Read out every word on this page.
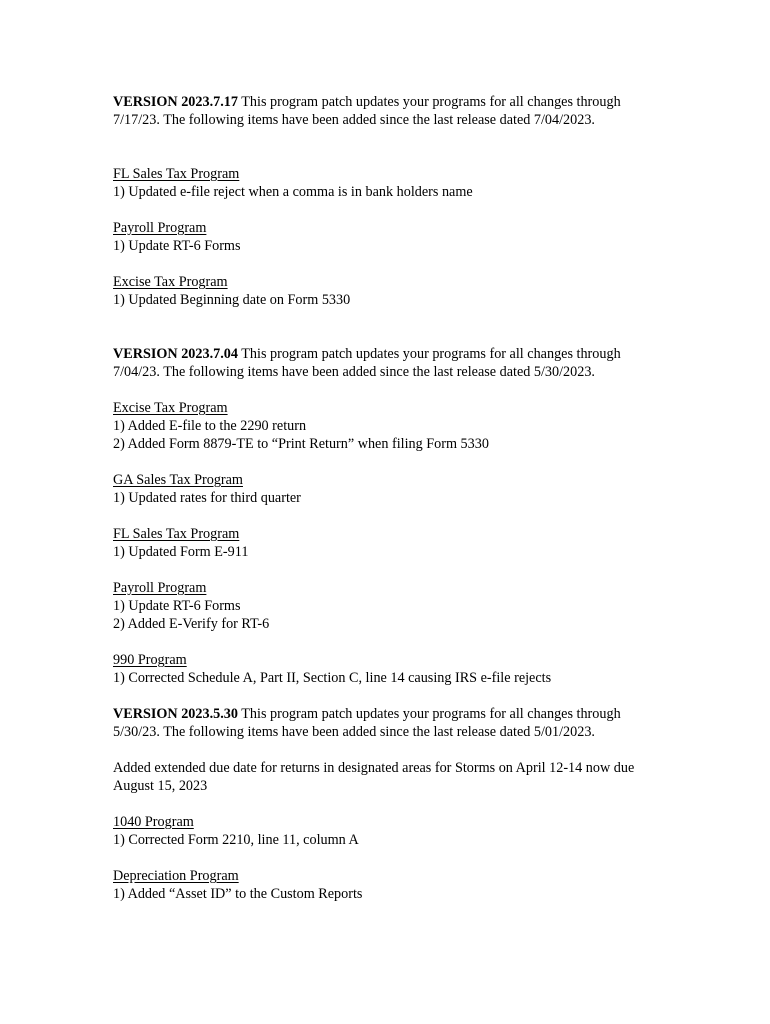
VERSION 2023.7.17 This program patch updates your programs for all changes through
7/17/23. The following items have been added since the last release dated 7/04/2023.
FL Sales Tax Program
1) Updated e-file reject when a comma is in bank holders name
Payroll Program
1) Update RT-6 Forms
Excise Tax Program
1) Updated Beginning date on Form 5330
VERSION 2023.7.04 This program patch updates your programs for all changes through
7/04/23. The following items have been added since the last release dated 5/30/2023.
Excise Tax Program
1) Added E-file to the 2290 return
2) Added Form 8879-TE to “Print Return” when filing Form 5330
GA Sales Tax Program
1) Updated rates for third quarter
FL Sales Tax Program
1) Updated Form E-911
Payroll Program
1) Update RT-6 Forms
2) Added E-Verify for RT-6
990 Program
1) Corrected Schedule A, Part II, Section C, line 14 causing IRS e-file rejects
VERSION 2023.5.30 This program patch updates your programs for all changes through
5/30/23. The following items have been added since the last release dated 5/01/2023.
Added extended due date for returns in designated areas for Storms on April 12-14 now due August 15, 2023
1040 Program
1) Corrected Form 2210, line 11, column A
Depreciation Program
1) Added “Asset ID” to the Custom Reports
